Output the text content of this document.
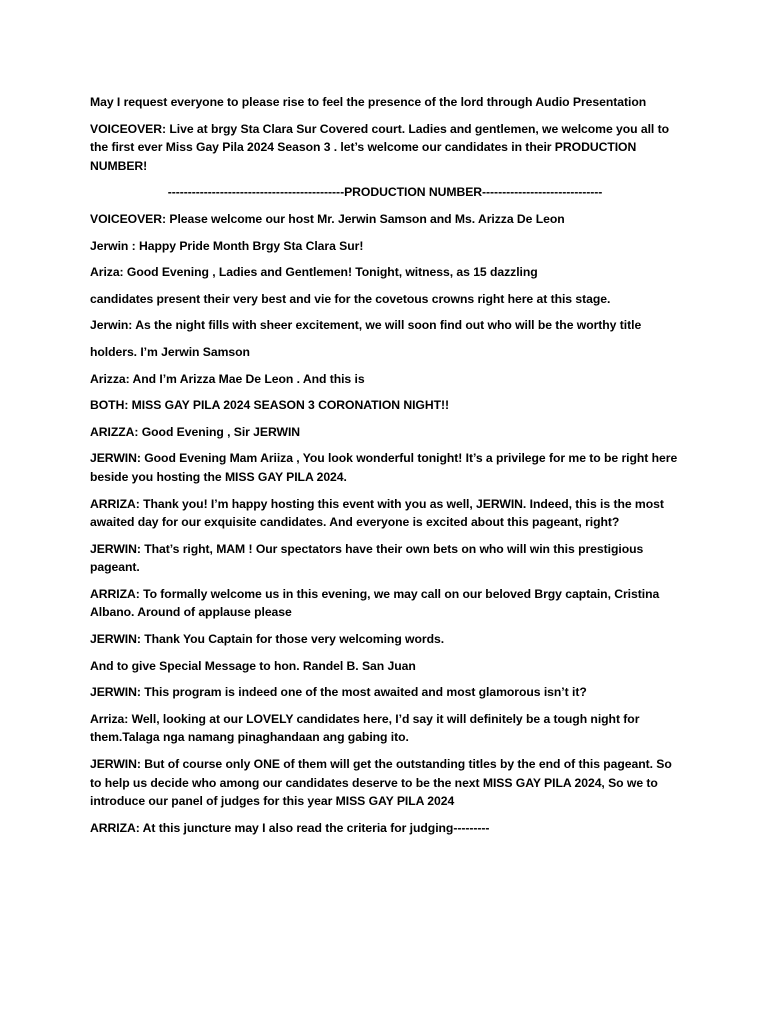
May I request everyone to please rise to feel the presence of the lord through Audio Presentation

VOICEOVER: Live at brgy Sta Clara Sur Covered court. Ladies and gentlemen, we welcome you all to the first ever Miss Gay Pila 2024 Season 3 . let’s welcome our candidates in their PRODUCTION NUMBER!

--------------------------------------------PRODUCTION NUMBER------------------------------

VOICEOVER: Please welcome our host Mr. Jerwin Samson and Ms. Arizza De Leon

Jerwin : Happy Pride Month Brgy Sta Clara Sur!

Ariza: Good Evening , Ladies and Gentlemen! Tonight, witness, as 15 dazzling

candidates present their very best and vie for the covetous crowns right here at this stage.

Jerwin: As the night fills with sheer excitement, we will soon find out who will be the worthy title

holders. I’m Jerwin Samson

Arizza: And I’m Arizza Mae De Leon . And this is

BOTH: MISS GAY PILA 2024 SEASON 3 CORONATION NIGHT!!

ARIZZA: Good Evening , Sir JERWIN

JERWIN: Good Evening Mam Ariiza , You look wonderful tonight! It’s a privilege for me to be right here beside you hosting the MISS GAY PILA 2024.

ARRIZA: Thank you! I’m happy hosting this event with you as well, JERWIN. Indeed, this is the most awaited day for our exquisite candidates. And everyone is excited about this pageant, right?

JERWIN: That’s right, MAM ! Our spectators have their own bets on who will win this prestigious pageant.

ARRIZA: To formally welcome us in this evening, we may call on our beloved Brgy captain, Cristina Albano. Around of applause please

JERWIN: Thank You Captain for those very welcoming words.

And to give Special Message to hon. Randel B. San Juan

JERWIN: This program is indeed one of the most awaited and most glamorous isn’t it?

Arriza: Well, looking at our LOVELY candidates here, I’d say it will definitely be a tough night for them.Talaga nga namang pinaghandaan ang gabing ito.

JERWIN: But of course only ONE of them will get the outstanding titles by the end of this pageant. So to help us decide who among our candidates deserve to be the next MISS GAY PILA 2024, So we to introduce our panel of judges for this year MISS GAY PILA 2024

ARRIZA: At this juncture may I also read the criteria for judging---------
